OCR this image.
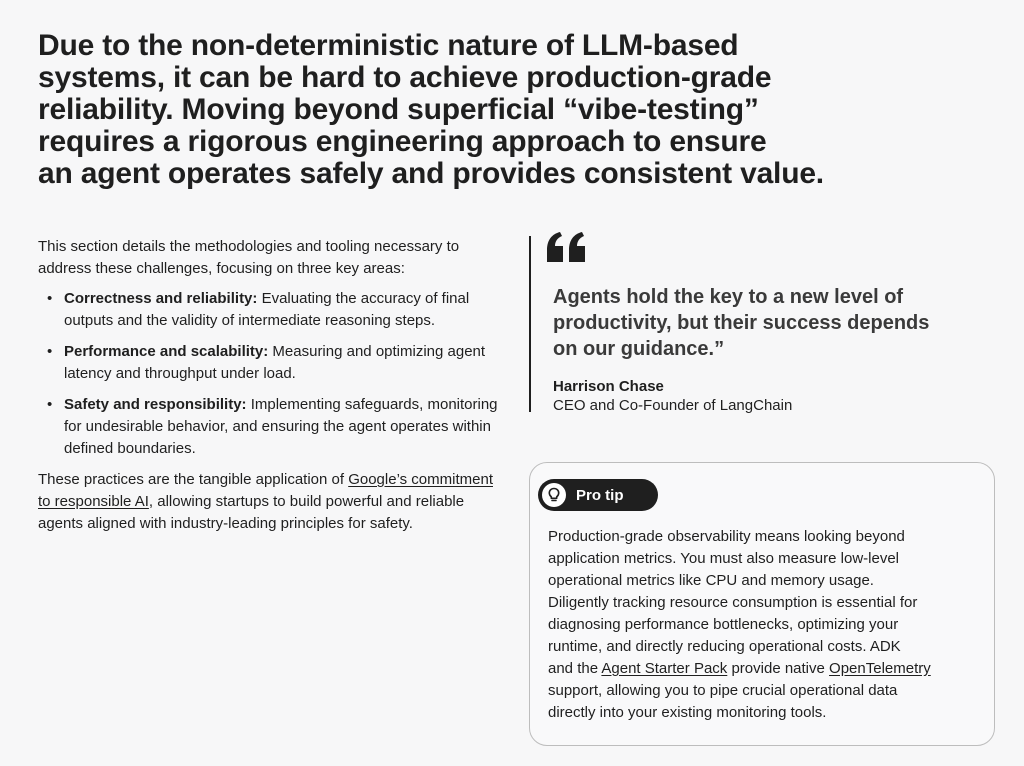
Due to the non-deterministic nature of LLM-based
systems, it can be hard to achieve production-grade
reliability. Moving beyond superficial “vibe-testing”
requires a rigorous engineering approach to ensure
an agent operates safely and provides consistent value.

This section details the methodologies and tooling necessary to address these challenges, focusing on three key areas:

• Correctness and reliability: Evaluating the accuracy of final outputs and the validity of intermediate reasoning steps.
• Performance and scalability: Measuring and optimizing agent latency and throughput under load.
• Safety and responsibility: Implementing safeguards, monitoring for undesirable behavior, and ensuring the agent operates within defined boundaries.

These practices are the tangible application of Google’s commitment to responsible AI, allowing startups to build powerful and reliable agents aligned with industry-leading principles for safety.

Agents hold the key to a new level of productivity, but their success depends on our guidance.”
Harrison Chase
CEO and Co-Founder of LangChain
Pro tip
Production-grade observability means looking beyond
application metrics. You must also measure low-level
operational metrics like CPU and memory usage.
Diligently tracking resource consumption is essential for
diagnosing performance bottlenecks, optimizing your
runtime, and directly reducing operational costs. ADK
and the Agent Starter Pack provide native OpenTelemetry
support, allowing you to pipe crucial operational data
directly into your existing monitoring tools.
